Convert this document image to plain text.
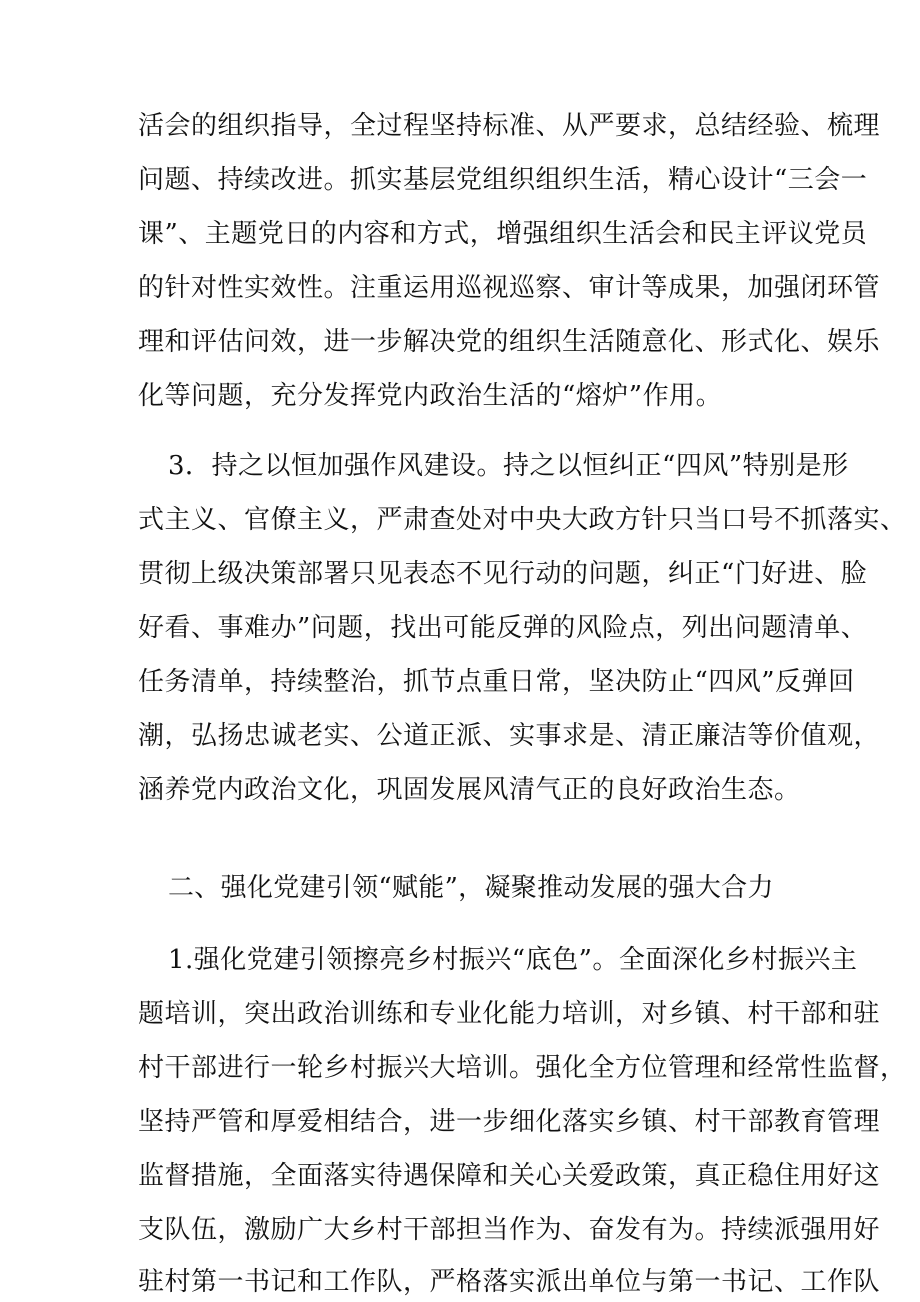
活会的组织指导，全过程坚持标准、从严要求，总结经验、梳理
问题、持续改进。抓实基层党组织组织生活，精心设计“三会一
课”、主题党日的内容和方式，增强组织生活会和民主评议党员
的针对性实效性。注重运用巡视巡察、审计等成果，加强闭环管
理和评估问效，进一步解决党的组织生活随意化、形式化、娱乐
化等问题，充分发挥党内政治生活的“熔炉”作用。
3．持之以恒加强作风建设。持之以恒纠正“四风”特别是形
式主义、官僚主义，严肃查处对中央大政方针只当口号不抓落实、
贯彻上级决策部署只见表态不见行动的问题，纠正“门好进、脸
好看、事难办”问题，找出可能反弹的风险点，列出问题清单、
任务清单，持续整治，抓节点重日常，坚决防止“四风”反弹回
潮，弘扬忠诚老实、公道正派、实事求是、清正廉洁等价值观，
涵养党内政治文化，巩固发展风清气正的良好政治生态。
二、强化党建引领“赋能”，凝聚推动发展的强大合力
1.强化党建引领擦亮乡村振兴“底色”。全面深化乡村振兴主
题培训，突出政治训练和专业化能力培训，对乡镇、村干部和驻
村干部进行一轮乡村振兴大培训。强化全方位管理和经常性监督，
坚持严管和厚爱相结合，进一步细化落实乡镇、村干部教育管理
监督措施，全面落实待遇保障和关心关爱政策，真正稳住用好这
支队伍，激励广大乡村干部担当作为、奋发有为。持续派强用好
驻村第一书记和工作队，严格落实派出单位与第一书记、工作队
